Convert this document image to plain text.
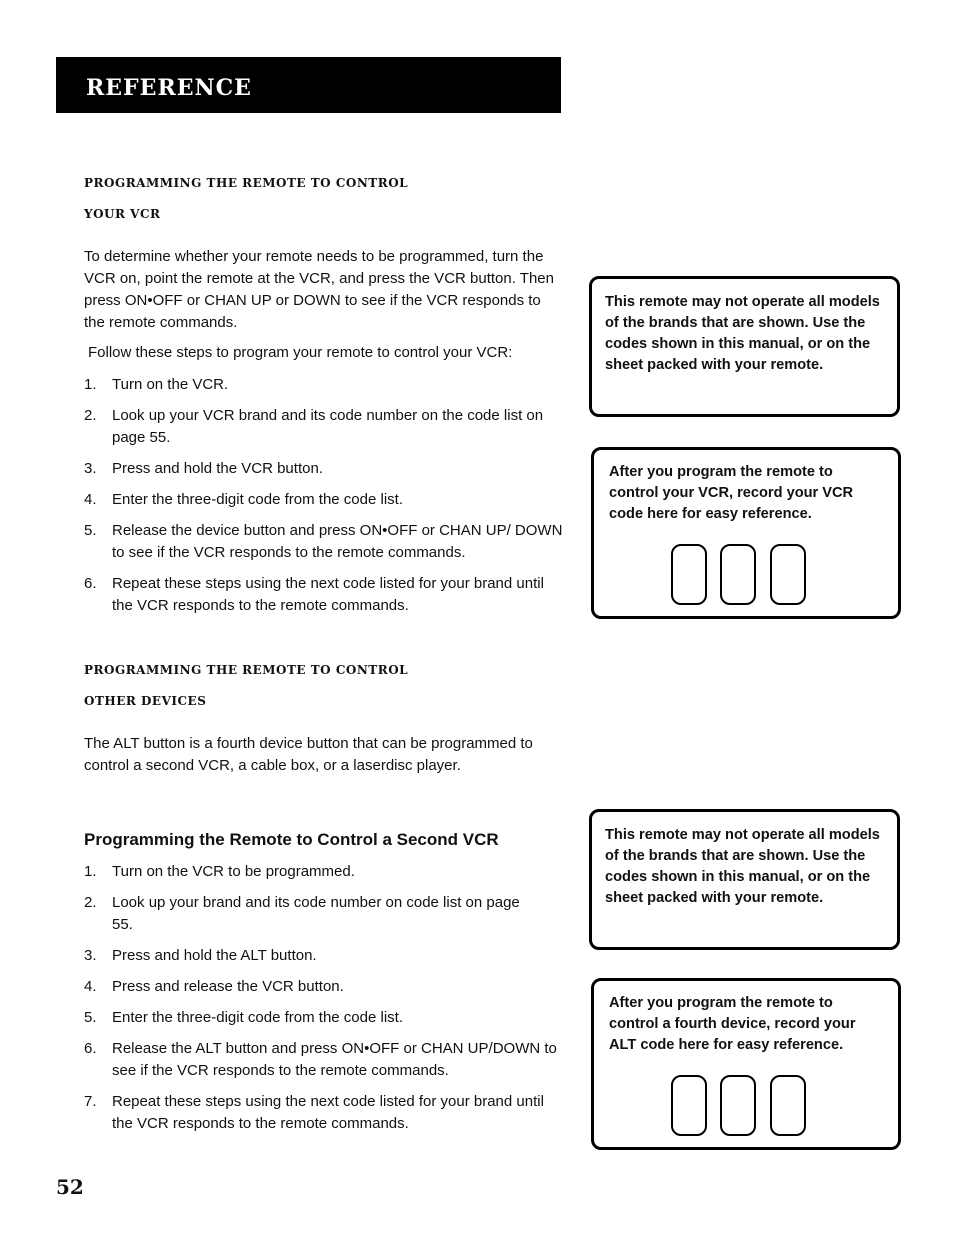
reference
Programming the Remote to Control
Your VCR

To determine whether your remote needs to be programmed, turn the VCR on, point the remote at the VCR, and press the VCR button. Then press ON•OFF or CHAN UP or DOWN to see if the VCR responds to the remote commands.

Follow these steps to program your remote to control your VCR:

1. Turn on the VCR.
2. Look up your VCR brand and its code number on the code list on page 55.
3. Press and hold the VCR button.
4. Enter the three-digit code from the code list.
5. Release the device button and press ON•OFF or CHAN UP/ DOWN to see if the VCR responds to the remote commands.
6. Repeat these steps using the next code listed for your brand until the VCR responds to the remote commands.
Programming the Remote to Control
Other Devices

The ALT button is a fourth device button that can be programmed to control a second VCR, a cable box, or a laserdisc player.

Programming the Remote to Control a Second VCR
1. Turn on the VCR to be programmed.
2. Look up your brand and its code number on code list on page 55.
3. Press and hold the ALT button.
4. Press and release the VCR button.
5. Enter the three-digit code from the code list.
6. Release the ALT button and press ON•OFF or CHAN UP/DOWN to see if the VCR responds to the remote commands.
7. Repeat these steps using the next code listed for your brand until the VCR responds to the remote commands.
This remote may not operate all models of the brands that are shown. Use the codes shown in this manual, or on the sheet packed with your remote.
After you program the remote to control your VCR, record your VCR code here for easy reference.
This remote may not operate all models of the brands that are shown. Use the codes shown in this manual, or on the sheet packed with your remote.
After you program the remote to control a fourth device, record your ALT code here for easy reference.
52
